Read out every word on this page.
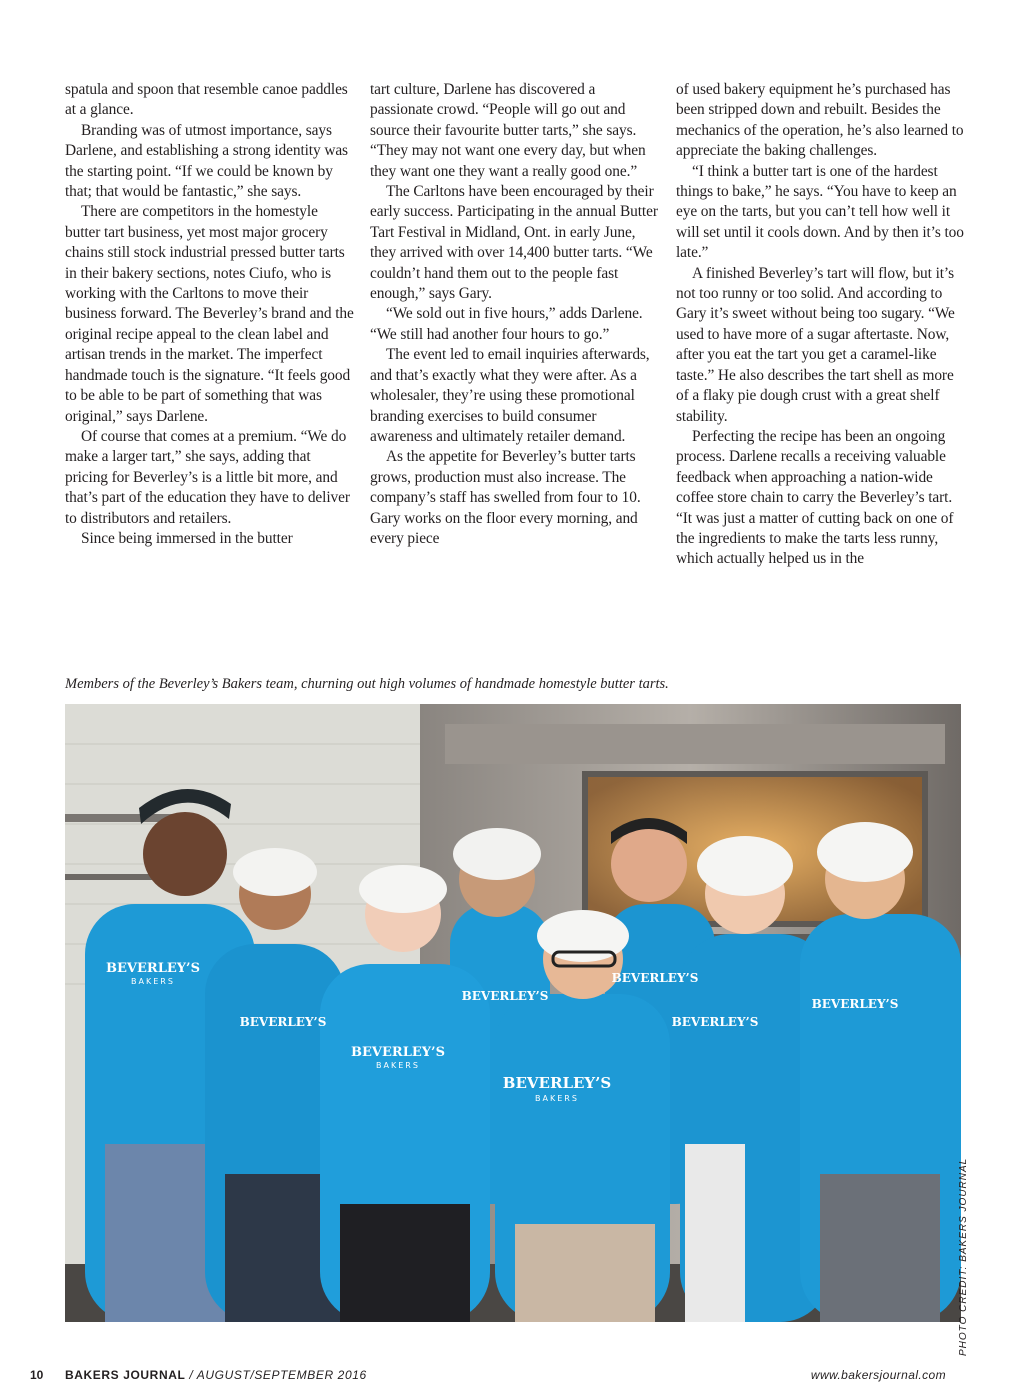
spatula and spoon that resemble canoe paddles at a glance.

Branding was of utmost importance, says Darlene, and establishing a strong identity was the starting point. “If we could be known by that; that would be fantastic,” she says.

There are competitors in the homestyle butter tart business, yet most major grocery chains still stock industrial pressed butter tarts in their bakery sections, notes Ciufo, who is working with the Carltons to move their business forward. The Beverley’s brand and the original recipe appeal to the clean label and artisan trends in the market. The imperfect handmade touch is the signature. “It feels good to be able to be part of something that was original,” says Darlene.

Of course that comes at a premium. “We do make a larger tart,” she says, adding that pricing for Beverley’s is a little bit more, and that’s part of the education they have to deliver to distributors and retailers.

Since being immersed in the butter

tart culture, Darlene has discovered a passionate crowd. “People will go out and source their favourite butter tarts,” she says. “They may not want one every day, but when they want one they want a really good one.”

The Carltons have been encouraged by their early success. Participating in the annual Butter Tart Festival in Midland, Ont. in early June, they arrived with over 14,400 butter tarts. “We couldn’t hand them out to the people fast enough,” says Gary.

“We sold out in five hours,” adds Darlene. “We still had another four hours to go.”

The event led to email inquiries afterwards, and that’s exactly what they were after. As a wholesaler, they’re using these promotional branding exercises to build consumer awareness and ultimately retailer demand.

As the appetite for Beverley’s butter tarts grows, production must also increase. The company’s staff has swelled from four to 10. Gary works on the floor every morning, and every piece

of used bakery equipment he’s purchased has been stripped down and rebuilt. Besides the mechanics of the operation, he’s also learned to appreciate the baking challenges.

“I think a butter tart is one of the hardest things to bake,” he says. “You have to keep an eye on the tarts, but you can’t tell how well it will set until it cools down. And by then it’s too late.”

A finished Beverley’s tart will flow, but it’s not too runny or too solid. And according to Gary it’s sweet without being too sugary. “We used to have more of a sugar aftertaste. Now, after you eat the tart you get a caramel-like taste.” He also describes the tart shell as more of a flaky pie dough crust with a great shelf stability.

Perfecting the recipe has been an ongoing process. Darlene recalls a receiving valuable feedback when approaching a nation-wide coffee store chain to carry the Beverley’s tart. “It was just a matter of cutting back on one of the ingredients to make the tarts less runny, which actually helped us in the

Members of the Beverley’s Bakers team, churning out high volumes of handmade homestyle butter tarts.
BEVERLEY’S
BEVERLEY’S
BEVERLEY’S
BEVERLEY’S
BEVERLEY’S
BEVERLEY’S
BEVERLEY’S
BEVERLEY’S
BAKERS
BAKERS
BAKERS
PHOTO CREDIT: BAKERS JOURNAL
10 BAKERS JOURNAL / AUGUST/SEPTEMBER 2016	www.bakersjournal.com
